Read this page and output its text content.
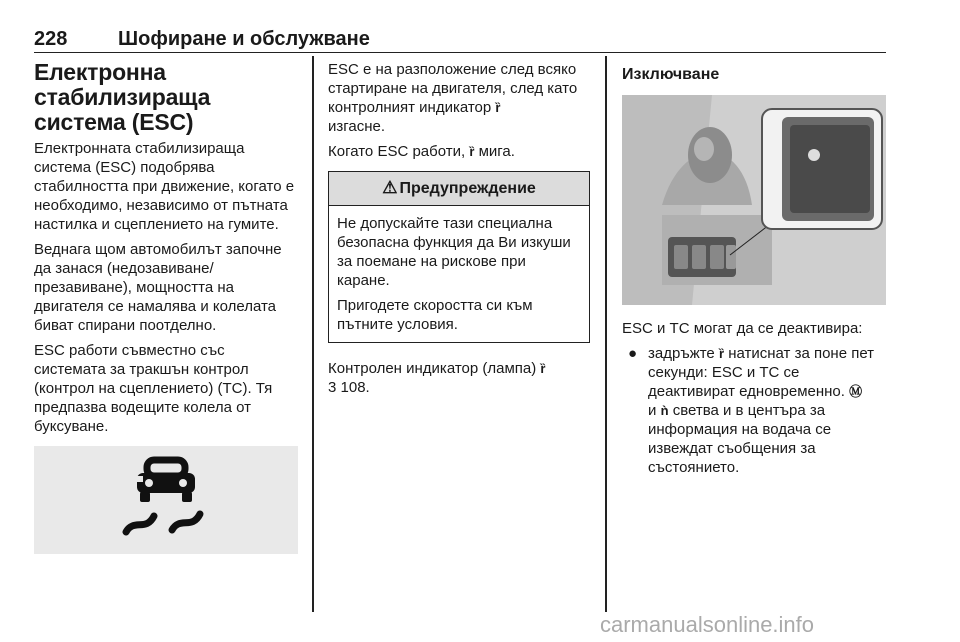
228	Шофиране и обслужване
Електронна стабилизираща система (ESC)

Електронната стабилизираща система (ESC) подобрява стабилността при движение, когато е необходимо, независимо от пътната настилка и сцеплението на гумите.

Веднага щом автомобилът започне да занася (недозавиване/презавиване), мощността на двигателя се намалява и колелата биват спирани поотделно.

ESC работи съвместно със системата за тракшън контрол (контрол на сцеплението) (TC). Тя предпазва водещите колела от буксуване.

ESC е на разположение след всяко стартиране на двигателя, след като контролният индикатор ȑ
изгасне.

Когато ESC работи, ȑ мига.

⚠ Предупреждение

Не допускайте тази специална безопасна функция да Ви изкуши за поемане на рискове при каране.

Пригодете скоростта си към пътните условия.

Контролен индикатор (лампа) ȑ
3 108.

Изключване

ESC и TC могат да се деактивира:

● задръжте ȑ натиснат за поне пет секунди: ESC и TC се деактивират едновременно. Ⓜ
и ǹ светва и в центъра за информация на водача се извеждат съобщения за състоянието.
carmanualsonline.info
